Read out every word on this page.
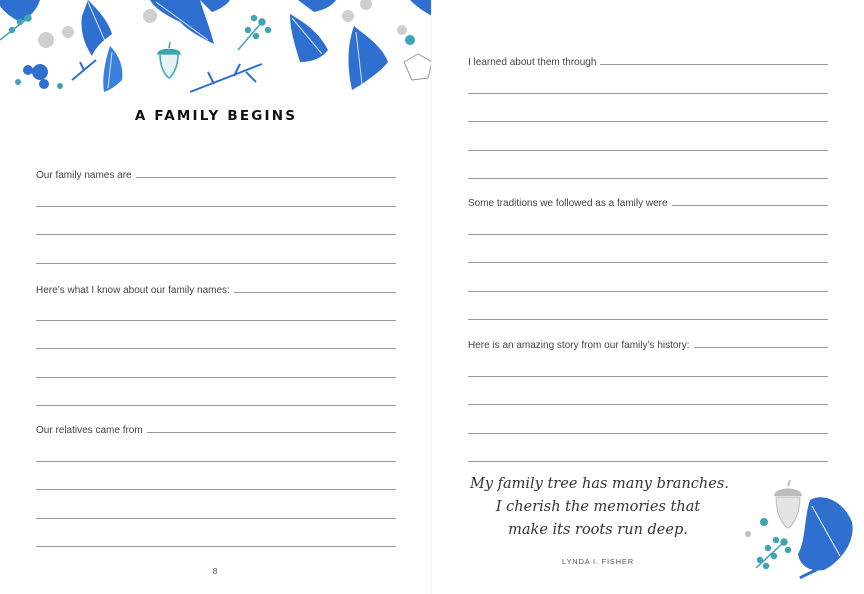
A FAMILY BEGINS
Our family names are
Here’s what I know about our family names:
Our relatives came from
8
I learned about them through
Some traditions we followed as a family were
Here is an amazing story from our family’s history:
My family tree has many branches.
I cherish the memories that
make its roots run deep.
LYNDA I. FISHER
